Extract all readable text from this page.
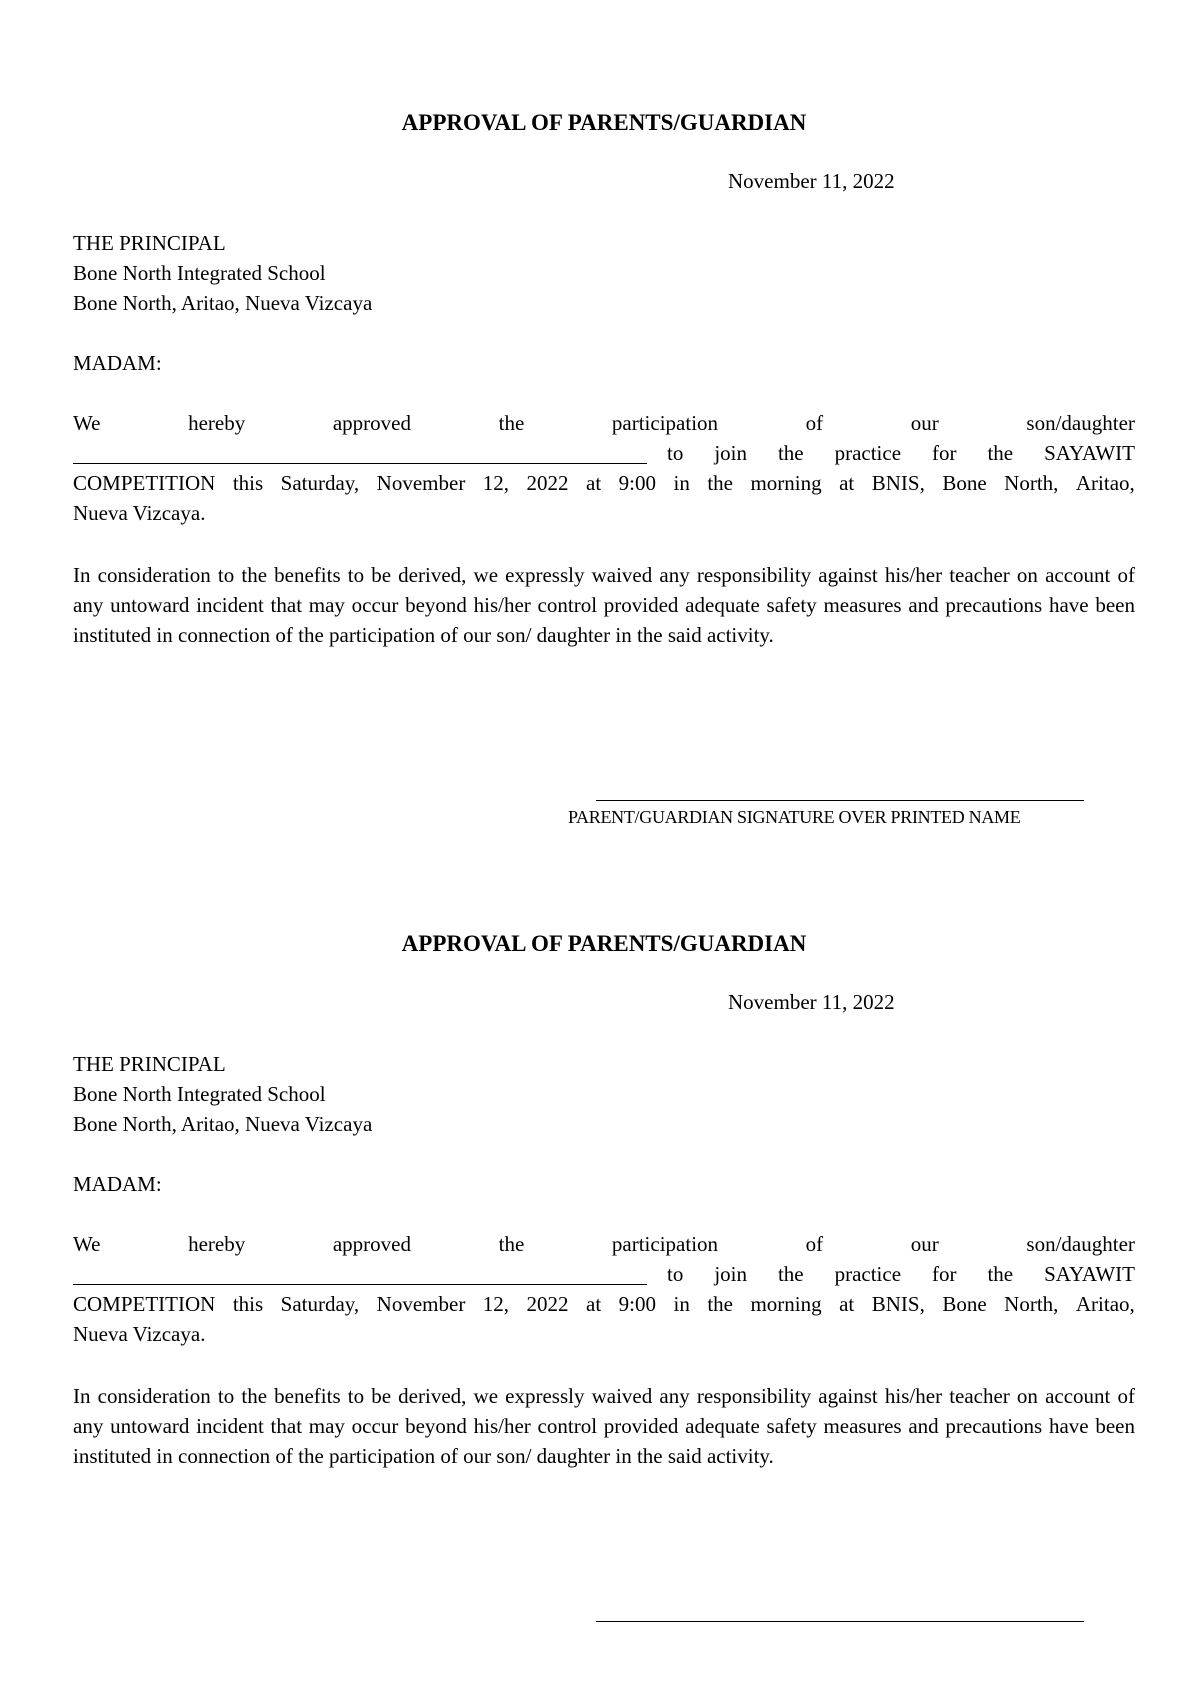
APPROVAL OF PARENTS/GUARDIAN
November 11, 2022
THE PRINCIPAL
Bone North Integrated School
Bone North, Aritao, Nueva Vizcaya
MADAM:
We	hereby	approved	the	participation	of	our	son/daughter
to join the practice for the SAYAWIT
COMPETITION this Saturday, November 12, 2022 at 9:00 in the morning at BNIS, Bone North, Aritao,
Nueva Vizcaya.
In consideration to the benefits to be derived, we expressly waived any responsibility against his/her teacher on account of any untoward incident that may occur beyond his/her control provided adequate safety measures and precautions have been instituted in connection of the participation of our son/ daughter in the said activity.
PARENT/GUARDIAN SIGNATURE OVER PRINTED NAME
APPROVAL OF PARENTS/GUARDIAN
November 11, 2022
THE PRINCIPAL
Bone North Integrated School
Bone North, Aritao, Nueva Vizcaya
MADAM:
We	hereby	approved	the	participation	of	our	son/daughter
to join the practice for the SAYAWIT
COMPETITION this Saturday, November 12, 2022 at 9:00 in the morning at BNIS, Bone North, Aritao,
Nueva Vizcaya.
In consideration to the benefits to be derived, we expressly waived any responsibility against his/her teacher on account of any untoward incident that may occur beyond his/her control provided adequate safety measures and precautions have been instituted in connection of the participation of our son/ daughter in the said activity.
